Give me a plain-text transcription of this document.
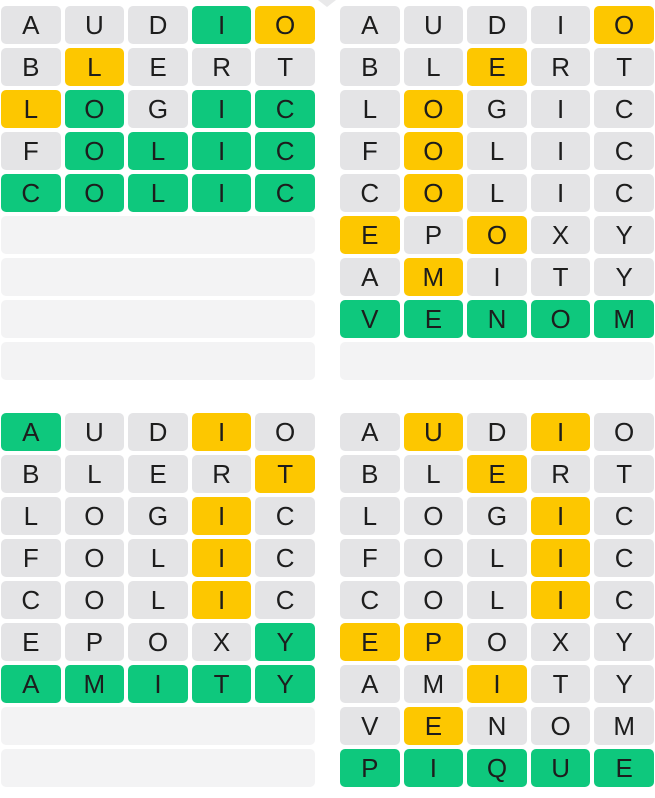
A	U	D	I	O
B	L	E	R	T
L	O	G	I	C
F	O	L	I	C
C	O	L	I	C
A	U	D	I	O
B	L	E	R	T
L	O	G	I	C
F	O	L	I	C
C	O	L	I	C
E	P	O	X	Y
A	M	I	T	Y
V	E	N	O	M
A	U	D	I	O
B	L	E	R	T
L	O	G	I	C
F	O	L	I	C
C	O	L	I	C
E	P	O	X	Y
A	M	I	T	Y
A	U	D	I	O
B	L	E	R	T
L	O	G	I	C
F	O	L	I	C
C	O	L	I	C
E	P	O	X	Y
A	M	I	T	Y
V	E	N	O	M
P	I	Q	U	E
